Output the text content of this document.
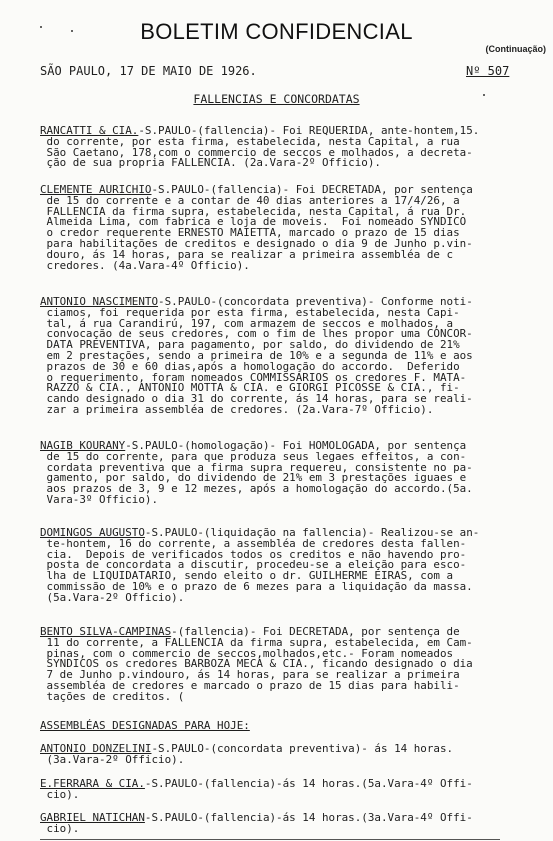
BOLETIM CONFIDENCIAL
(Continuação)
SÃO PAULO, 17 DE MAIO DE 1926.	Nº 507
FALLENCIAS E CONCORDATAS
RANCATTI & CIA.-S.PAULO-(fallencia)- Foi REQUERIDA, ante-hontem,15.
do corrente, por esta firma, estabelecida, nesta Capital, a rua
São Caetano, 178,com o commercio de seccos e molhados, a decreta-
ção de sua propria FALLENCIA. (2a.Vara-2º Officio).
CLEMENTE AURICHIO-S.PAULO-(fallencia)- Foi DECRETADA, por sentença
de 15 do corrente e a contar de 40 dias anteriores a 17/4/26, a
FALLENCIA da firma supra, estabelecida, nesta Capital, á rua Dr.
Almeida Lima, com fabrica e loja de moveis.  Foi nomeado SYNDICO
o credor requerente ERNESTO MAIETTA, marcado o prazo de 15 dias
para habilitações de creditos e designado o dia 9 de Junho p.vin-
douro, ás 14 horas, para se realizar a primeira assembléa de c
credores. (4a.Vara-4º Officio).
ANTONIO NASCIMENTO-S.PAULO-(concordata preventiva)- Conforme noti-
ciamos, foi requerida por esta firma, estabelecida, nesta Capi-
tal, á rua Carandirú, 197, com armazem de seccos e molhados, a
convocação de seus credores, com o fim de lhes propor uma CONCOR-
DATA PREVENTIVA, para pagamento, por saldo, do dividendo de 21%
em 2 prestações, sendo a primeira de 10% e a segunda de 11% e aos
prazos de 30 e 60 dias,após a homologação do accordo.  Deferido
o requerimento, foram nomeados COMMISSARIOS os credores F. MATA-
RAZZO & CIA., ANTONIO MOTTA & CIA. e GIORGI PICOSSE & CIA., fi-
cando designado o dia 31 do corrente, ás 14 horas, para se reali-
zar a primeira assembléa de credores. (2a.Vara-7º Officio).
NAGIB KOURANY-S.PAULO-(homologação)- Foi HOMOLOGADA, por sentença
de 15 do corrente, para que produza seus legaes effeitos, a con-
cordata preventiva que a firma supra requereu, consistente no pa-
gamento, por saldo, do dividendo de 21% em 3 prestações iguaes e
aos prazos de 3, 9 e 12 mezes, após a homologação do accordo.(5a.
Vara-3º Officio).
DOMINGOS AUGUSTO-S.PAULO-(liquidação na fallencia)- Realizou-se an-
te-hontem, 16 do corrente, a assembléa de credores desta fallen-
cia.  Depois de verificados todos os creditos e não havendo pro-
posta de concordata a discutir, procedeu-se a eleição para esco-
lha de LIQUIDATARIO, sendo eleito o dr. GUILHERME EIRAS, com a
commissão de 10% e o prazo de 6 mezes para a liquidação da massa.
(5a.Vara-2º Officio).
BENTO SILVA-CAMPINAS-(fallencia)- Foi DECRETADA, por sentença de
11 do corrente, a FALLENCIA da firma supra, estabelecida, em Cam-
pinas, com o commercio de seccos,molhados,etc.- Foram nomeados
SYNDICOS os credores BARBOZA MECA & CIA., ficando designado o dia
7 de Junho p.vindouro, ás 14 horas, para se realizar a primeira
assembléa de credores e marcado o prazo de 15 dias para habili-
tações de creditos. (
ASSEMBLÉAS DESIGNADAS PARA HOJE:
ANTONIO DONZELINI-S.PAULO-(concordata preventiva)- ás 14 horas.
(3a.Vara-2º Officio).
E.FERRARA & CIA.-S.PAULO-(fallencia)-ás 14 horas.(5a.Vara-4º Offi-
cio).
GABRIEL NATICHAN-S.PAULO-(fallencia)-ás 14 horas.(3a.Vara-4º Offi-
cio).
